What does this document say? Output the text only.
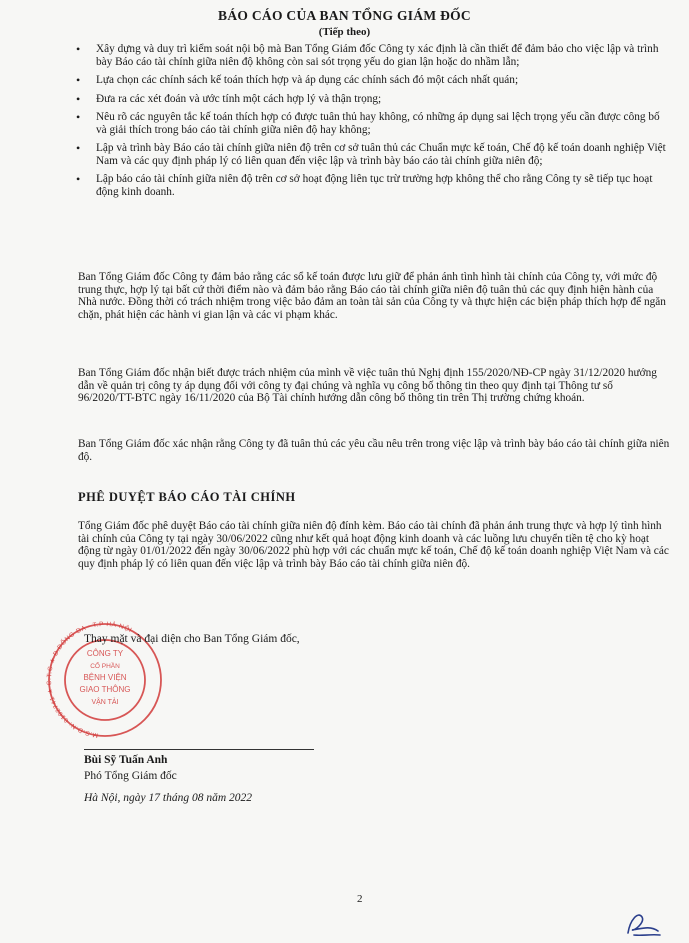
BÁO CÁO CỦA BAN TỔNG GIÁM ĐỐC
(Tiếp theo)
• Xây dựng và duy trì kiểm soát nội bộ mà Ban Tổng Giám đốc Công ty xác định là cần thiết để đảm bảo cho việc lập và trình bày Báo cáo tài chính giữa niên độ không còn sai sót trọng yếu do gian lận hoặc do nhầm lẫn;
• Lựa chọn các chính sách kế toán thích hợp và áp dụng các chính sách đó một cách nhất quán;
• Đưa ra các xét đoán và ước tính một cách hợp lý và thận trọng;
• Nêu rõ các nguyên tắc kế toán thích hợp có được tuân thủ hay không, có những áp dụng sai lệch trọng yếu cần được công bố và giải thích trong báo cáo tài chính giữa niên độ hay không;
• Lập và trình bày Báo cáo tài chính giữa niên độ trên cơ sở tuân thủ các Chuẩn mực kế toán, Chế độ kế toán doanh nghiệp Việt Nam và các quy định pháp lý có liên quan đến việc lập và trình bày báo cáo tài chính giữa niên độ;
• Lập báo cáo tài chính giữa niên độ trên cơ sở hoạt động liên tục trừ trường hợp không thể cho rằng Công ty sẽ tiếp tục hoạt động kinh doanh.

Ban Tổng Giám đốc Công ty đảm bảo rằng các sổ kế toán được lưu giữ để phản ánh tình hình tài chính của Công ty, với mức độ trung thực, hợp lý tại bất cứ thời điểm nào và đảm bảo rằng Báo cáo tài chính giữa niên độ tuân thủ các quy định hiện hành của Nhà nước. Đồng thời có trách nhiệm trong việc bảo đảm an toàn tài sản của Công ty và thực hiện các biện pháp thích hợp để ngăn chặn, phát hiện các hành vi gian lận và các vi phạm khác.

Ban Tổng Giám đốc nhận biết được trách nhiệm của mình về việc tuân thủ Nghị định 155/2020/NĐ-CP ngày 31/12/2020 hướng dẫn về quản trị công ty áp dụng đối với công ty đại chúng và nghĩa vụ công bố thông tin theo quy định tại Thông tư số 96/2020/TT-BTC ngày 16/11/2020 của Bộ Tài chính hướng dẫn công bố thông tin trên Thị trường chứng khoán.

Ban Tổng Giám đốc xác nhận rằng Công ty đã tuân thủ các yêu cầu nêu trên trong việc lập và trình bày báo cáo tài chính giữa niên độ.

PHÊ DUYỆT BÁO CÁO TÀI CHÍNH

Tổng Giám đốc phê duyệt Báo cáo tài chính giữa niên độ đính kèm. Báo cáo tài chính đã phản ánh trung thực và hợp lý tình hình tài chính của Công ty tại ngày 30/06/2022 cũng như kết quả hoạt động kinh doanh và các luồng lưu chuyển tiền tệ cho kỳ hoạt động từ ngày 01/01/2022 đến ngày 30/06/2022 phù hợp với các chuẩn mực kế toán, Chế độ kế toán doanh nghiệp Việt Nam và các quy định pháp lý có liên quan đến việc lập và trình bày Báo cáo tài chính giữa niên độ.

CÔNG TY
CỔ PHẦN
BỆNH VIỆN
GIAO THÔNG
VẬN TẢI
M.S.D.N: 0102741 ★ C.T.C ★ Đ.ĐỐNG ĐA - T.P HÀ NỘI
Thay mặt và đại diện cho Ban Tổng Giám đốc,
Bùi Sỹ Tuấn Anh
Phó Tổng Giám đốc
Hà Nội, ngày 17 tháng 08 năm 2022
2
